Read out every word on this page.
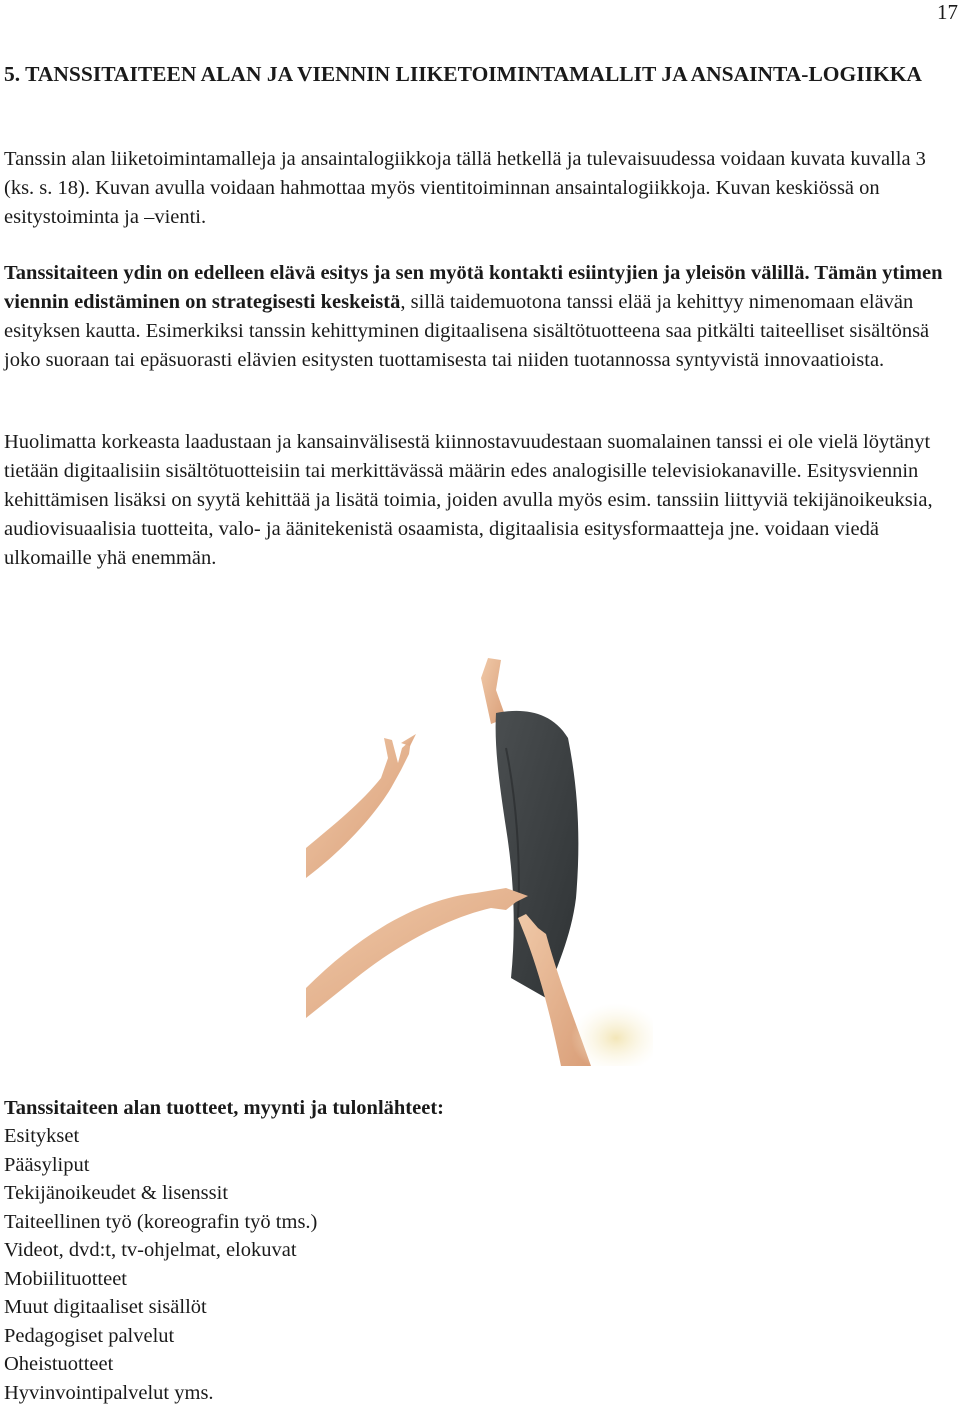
17
5. TANSSITAITEEN ALAN JA VIENNIN LIIKETOIMINTAMALLIT JA ANSAINTA-LOGIIKKA

Tanssin alan liiketoimintamalleja ja ansaintalogiikkoja tällä hetkellä ja tulevaisuudessa voidaan kuvata kuvalla 3 (ks. s. 18). Kuvan avulla voidaan hahmottaa myös vientitoiminnan ansaintalogiikkoja. Kuvan keskiössä on esitystoiminta ja –vienti.

Tanssitaiteen ydin on edelleen elävä esitys ja sen myötä kontakti esiintyjien ja yleisön välillä. Tämän ytimen viennin edistäminen on strategisesti keskeistä, sillä taidemuotona tanssi elää ja kehittyy nimenomaan elävän esityksen kautta. Esimerkiksi tanssin kehittyminen digitaalisena sisältötuotteena saa pitkälti taiteelliset sisältönsä joko suoraan tai epäsuorasti elävien esitysten tuottamisesta tai niiden tuotannossa syntyvistä innovaatioista.

Huolimatta korkeasta laadustaan ja kansainvälisestä kiinnostavuudestaan suomalainen tanssi ei ole vielä löytänyt tietään digitaalisiin sisältötuotteisiin tai merkittävässä määrin edes analogisille televisiokanaville. Esitysviennin kehittämisen lisäksi on syytä kehittää ja lisätä toimia, joiden avulla myös esim. tanssiin liittyviä tekijänoikeuksia, audiovisuaalisia tuotteita, valo- ja äänitekenistä osaamista, digitaalisia esitysformaatteja jne. voidaan viedä ulkomaille yhä enemmän.

Tanssitaiteen alan tuotteet, myynti ja tulonlähteet:

Esitykset
Pääsyliput
Tekijänoikeudet & lisenssit
Taiteellinen työ (koreografin työ tms.)
Videot, dvd:t, tv-ohjelmat, elokuvat
Mobiilituotteet
Muut digitaaliset sisällöt
Pedagogiset palvelut
Oheistuotteet
Hyvinvointipalvelut yms.
